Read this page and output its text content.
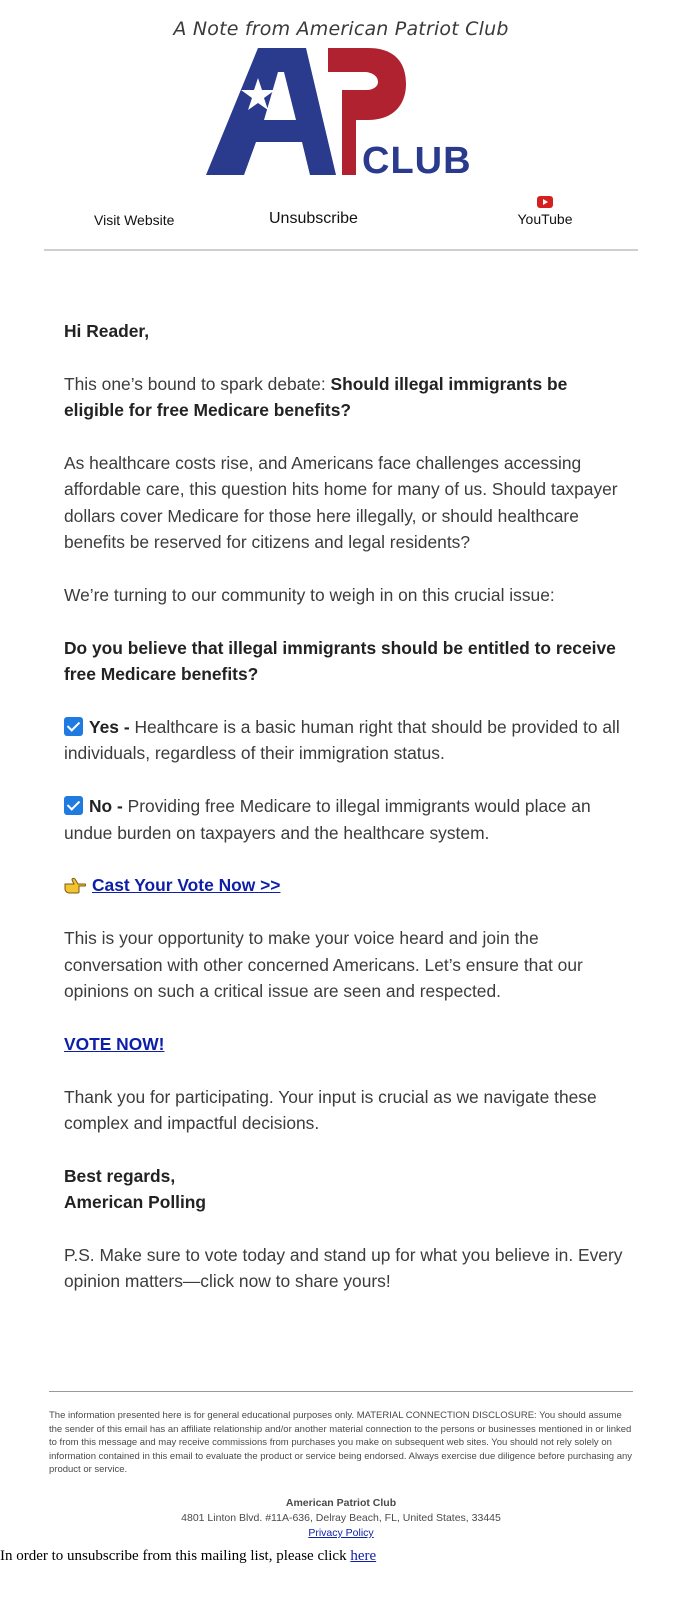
A Note from American Patriot Club
CLUB
Visit Website	Unsubscribe	YouTube

Hi Reader,

This one’s bound to spark debate: Should illegal immigrants be eligible for free Medicare benefits?

As healthcare costs rise, and Americans face challenges accessing affordable care, this question hits home for many of us. Should taxpayer dollars cover Medicare for those here illegally, or should healthcare benefits be reserved for citizens and legal residents?

We’re turning to our community to weigh in on this crucial issue:

Do you believe that illegal immigrants should be entitled to receive free Medicare benefits?

Yes - Healthcare is a basic human right that should be provided to all individuals, regardless of their immigration status.

No - Providing free Medicare to illegal immigrants would place an undue burden on taxpayers and the healthcare system.

Cast Your Vote Now >>

This is your opportunity to make your voice heard and join the conversation with other concerned Americans. Let’s ensure that our opinions on such a critical issue are seen and respected.

VOTE NOW!

Thank you for participating. Your input is crucial as we navigate these complex and impactful decisions.

Best regards,
American Polling

P.S. Make sure to vote today and stand up for what you believe in. Every opinion matters—click now to share yours!

The information presented here is for general educational purposes only. MATERIAL CONNECTION DISCLOSURE: You should assume the sender of this email has an affiliate relationship and/or another material connection to the persons or businesses mentioned in or linked to from this message and may receive commissions from purchases you make on subsequent web sites. You should not rely solely on information contained in this email to evaluate the product or service being endorsed. Always exercise due diligence before purchasing any product or service.
American Patriot Club
4801 Linton Blvd. #11A-636, Delray Beach, FL, United States, 33445
Privacy Policy
In order to unsubscribe from this mailing list, please click here
